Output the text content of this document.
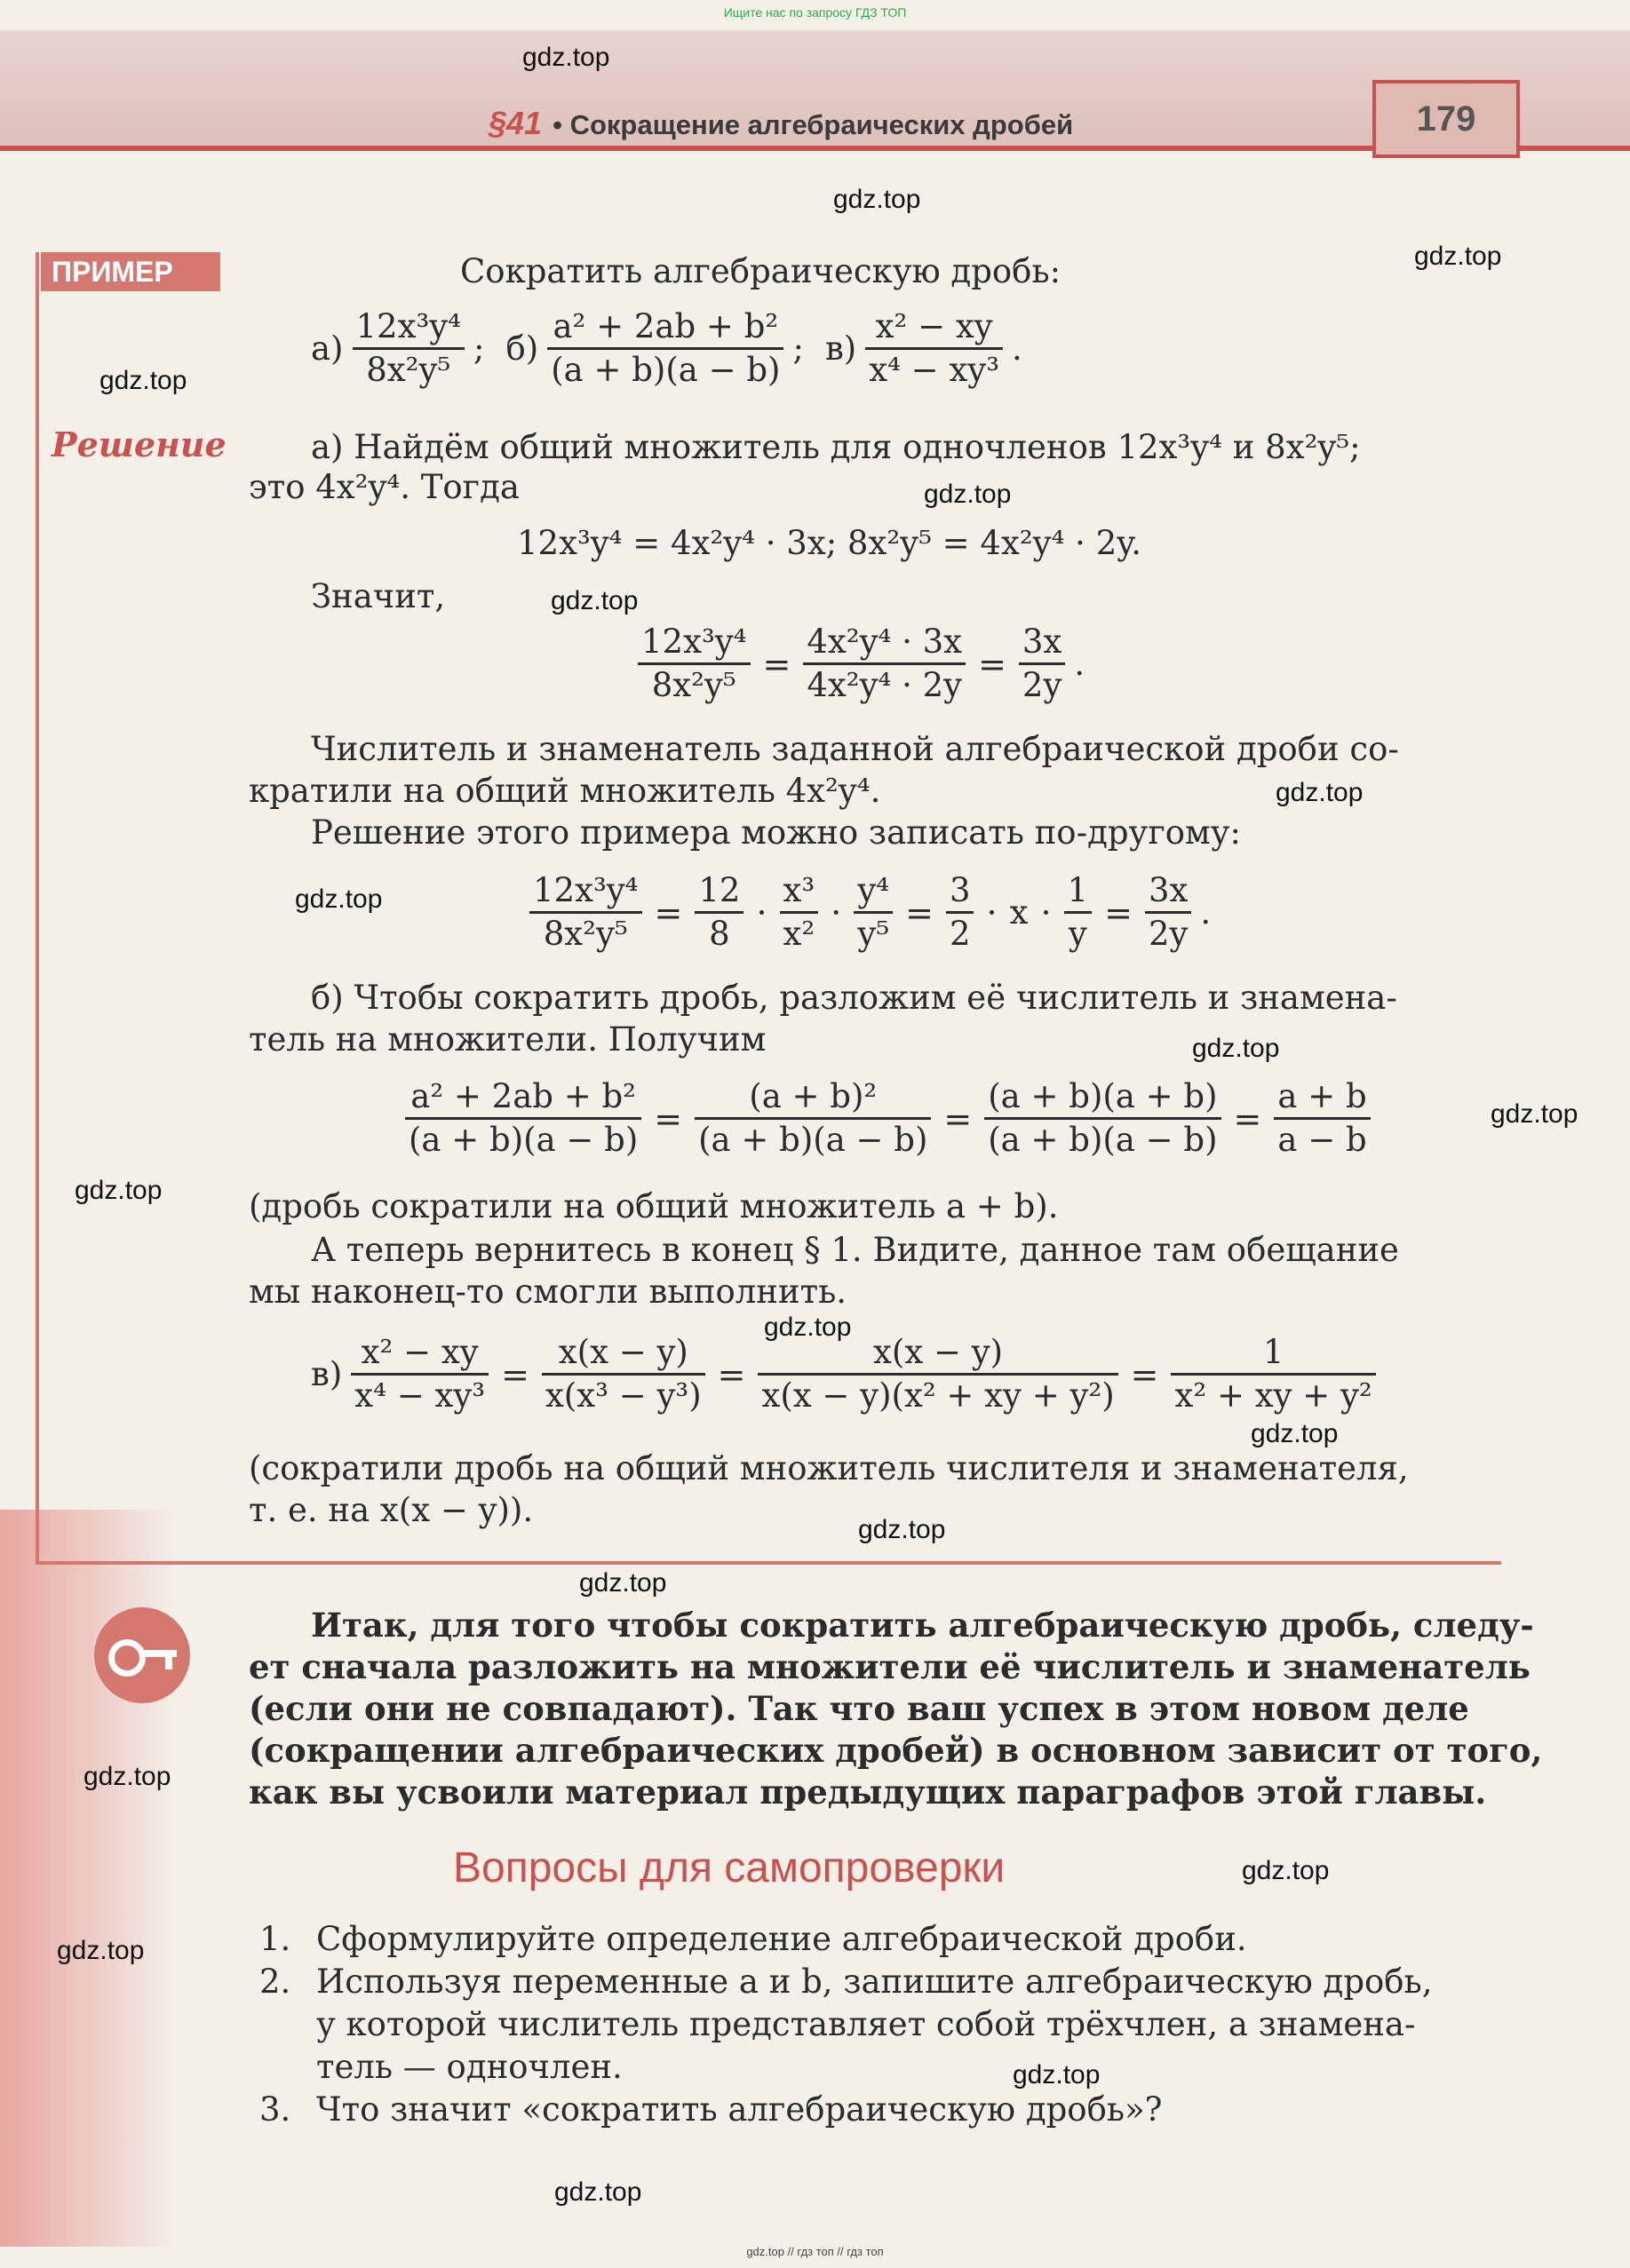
Ищите нас по запросу ГДЗ ТОП
§41 • Сокращение алгебраических дробей	179
ПРИМЕР	Сократить алгебраическую дробь:
$а) \frac{\text{12x³y⁴}}{\text{8x²y⁵}}$ ; $б) \frac{\text{a² + 2ab + b²}}{(a + b)(a - b)}$ ; $в) \frac{\text{x² − xy}}{\text{x⁴ − xy³}}$ .
Решение	а) Найдём общий множитель для одночленов 12x³y⁴ и 8x²y⁵;
это 4x²y⁴. Тогда
12x³y⁴ = 4x²y⁴ · 3x; 8x²y⁵ = 4x²y⁴ · 2y.
Значит,
$\frac{\text{12x³y⁴}}{\text{8x²y⁵}} = \frac{\text{4x²y⁴ · 3x}}{\text{4x²y⁴ · 2y}} = \frac{3x}{2y}$ .
Числитель и знаменатель заданной алгебраической дроби со-
кратили на общий множитель 4x²y⁴.
Решение этого примера можно записать по-другому:
$\frac{\text{12x³y⁴}}{\text{8x²y⁵}} = \frac{12}{8} \cdot \frac{\text{x³}}{\text{x²}} \cdot \frac{\text{y⁴}}{\text{y⁵}} = \frac{3}{2} \cdot x \cdot \frac{1}{y} = \frac{3x}{2y}$ .
б) Чтобы сократить дробь, разложим её числитель и знамена-
тель на множители. Получим
$\frac{\text{a² + 2ab + b²}}{(a + b)(a - b)} = \frac{\text{(a + b)²}}{(a + b)(a - b)} = \frac{(a + b)(a + b)}{(a + b)(a - b)} = \frac{a + b}{a - b}$
(дробь сократили на общий множитель a + b).
А теперь вернитесь в конец § 1. Видите, данное там обещание
мы наконец-то смогли выполнить.
$в) \frac{\text{x² − xy}}{\text{x⁴ − xy³}} = \frac{x(x - y)}{\text{x(x³ − y³)}} = \frac{x(x - y)}{\text{x(x − y)(x² + xy + y²)}} = \frac{1}{\text{x² + xy + y²}}$
(сократили дробь на общий множитель числителя и знаменателя,
т. е. на x(x − y)).
Итак, для того чтобы сократить алгебраическую дробь, следу-
ет сначала разложить на множители её числитель и знаменатель
(если они не совпадают). Так что ваш успех в этом новом деле
(сокращении алгебраических дробей) в основном зависит от того,
как вы усвоили материал предыдущих параграфов этой главы.
Вопросы для самопроверки
1. Сформулируйте определение алгебраической дроби.
2. Используя переменные a и b, запишите алгебраическую дробь,
у которой числитель представляет собой трёхчлен, а знамена-
тель — одночлен.
3. Что значит «сократить алгебраическую дробь»?
gdz.top
gdz.top
gdz.top
gdz.top
gdz.top
gdz.top
gdz.top
gdz.top
gdz.top
gdz.top
gdz.top
gdz.top
gdz.top
gdz.top
gdz.top
gdz.top
gdz.top
gdz.top
gdz.top
gdz.top
gdz.top // гдз топ // гдз топ
